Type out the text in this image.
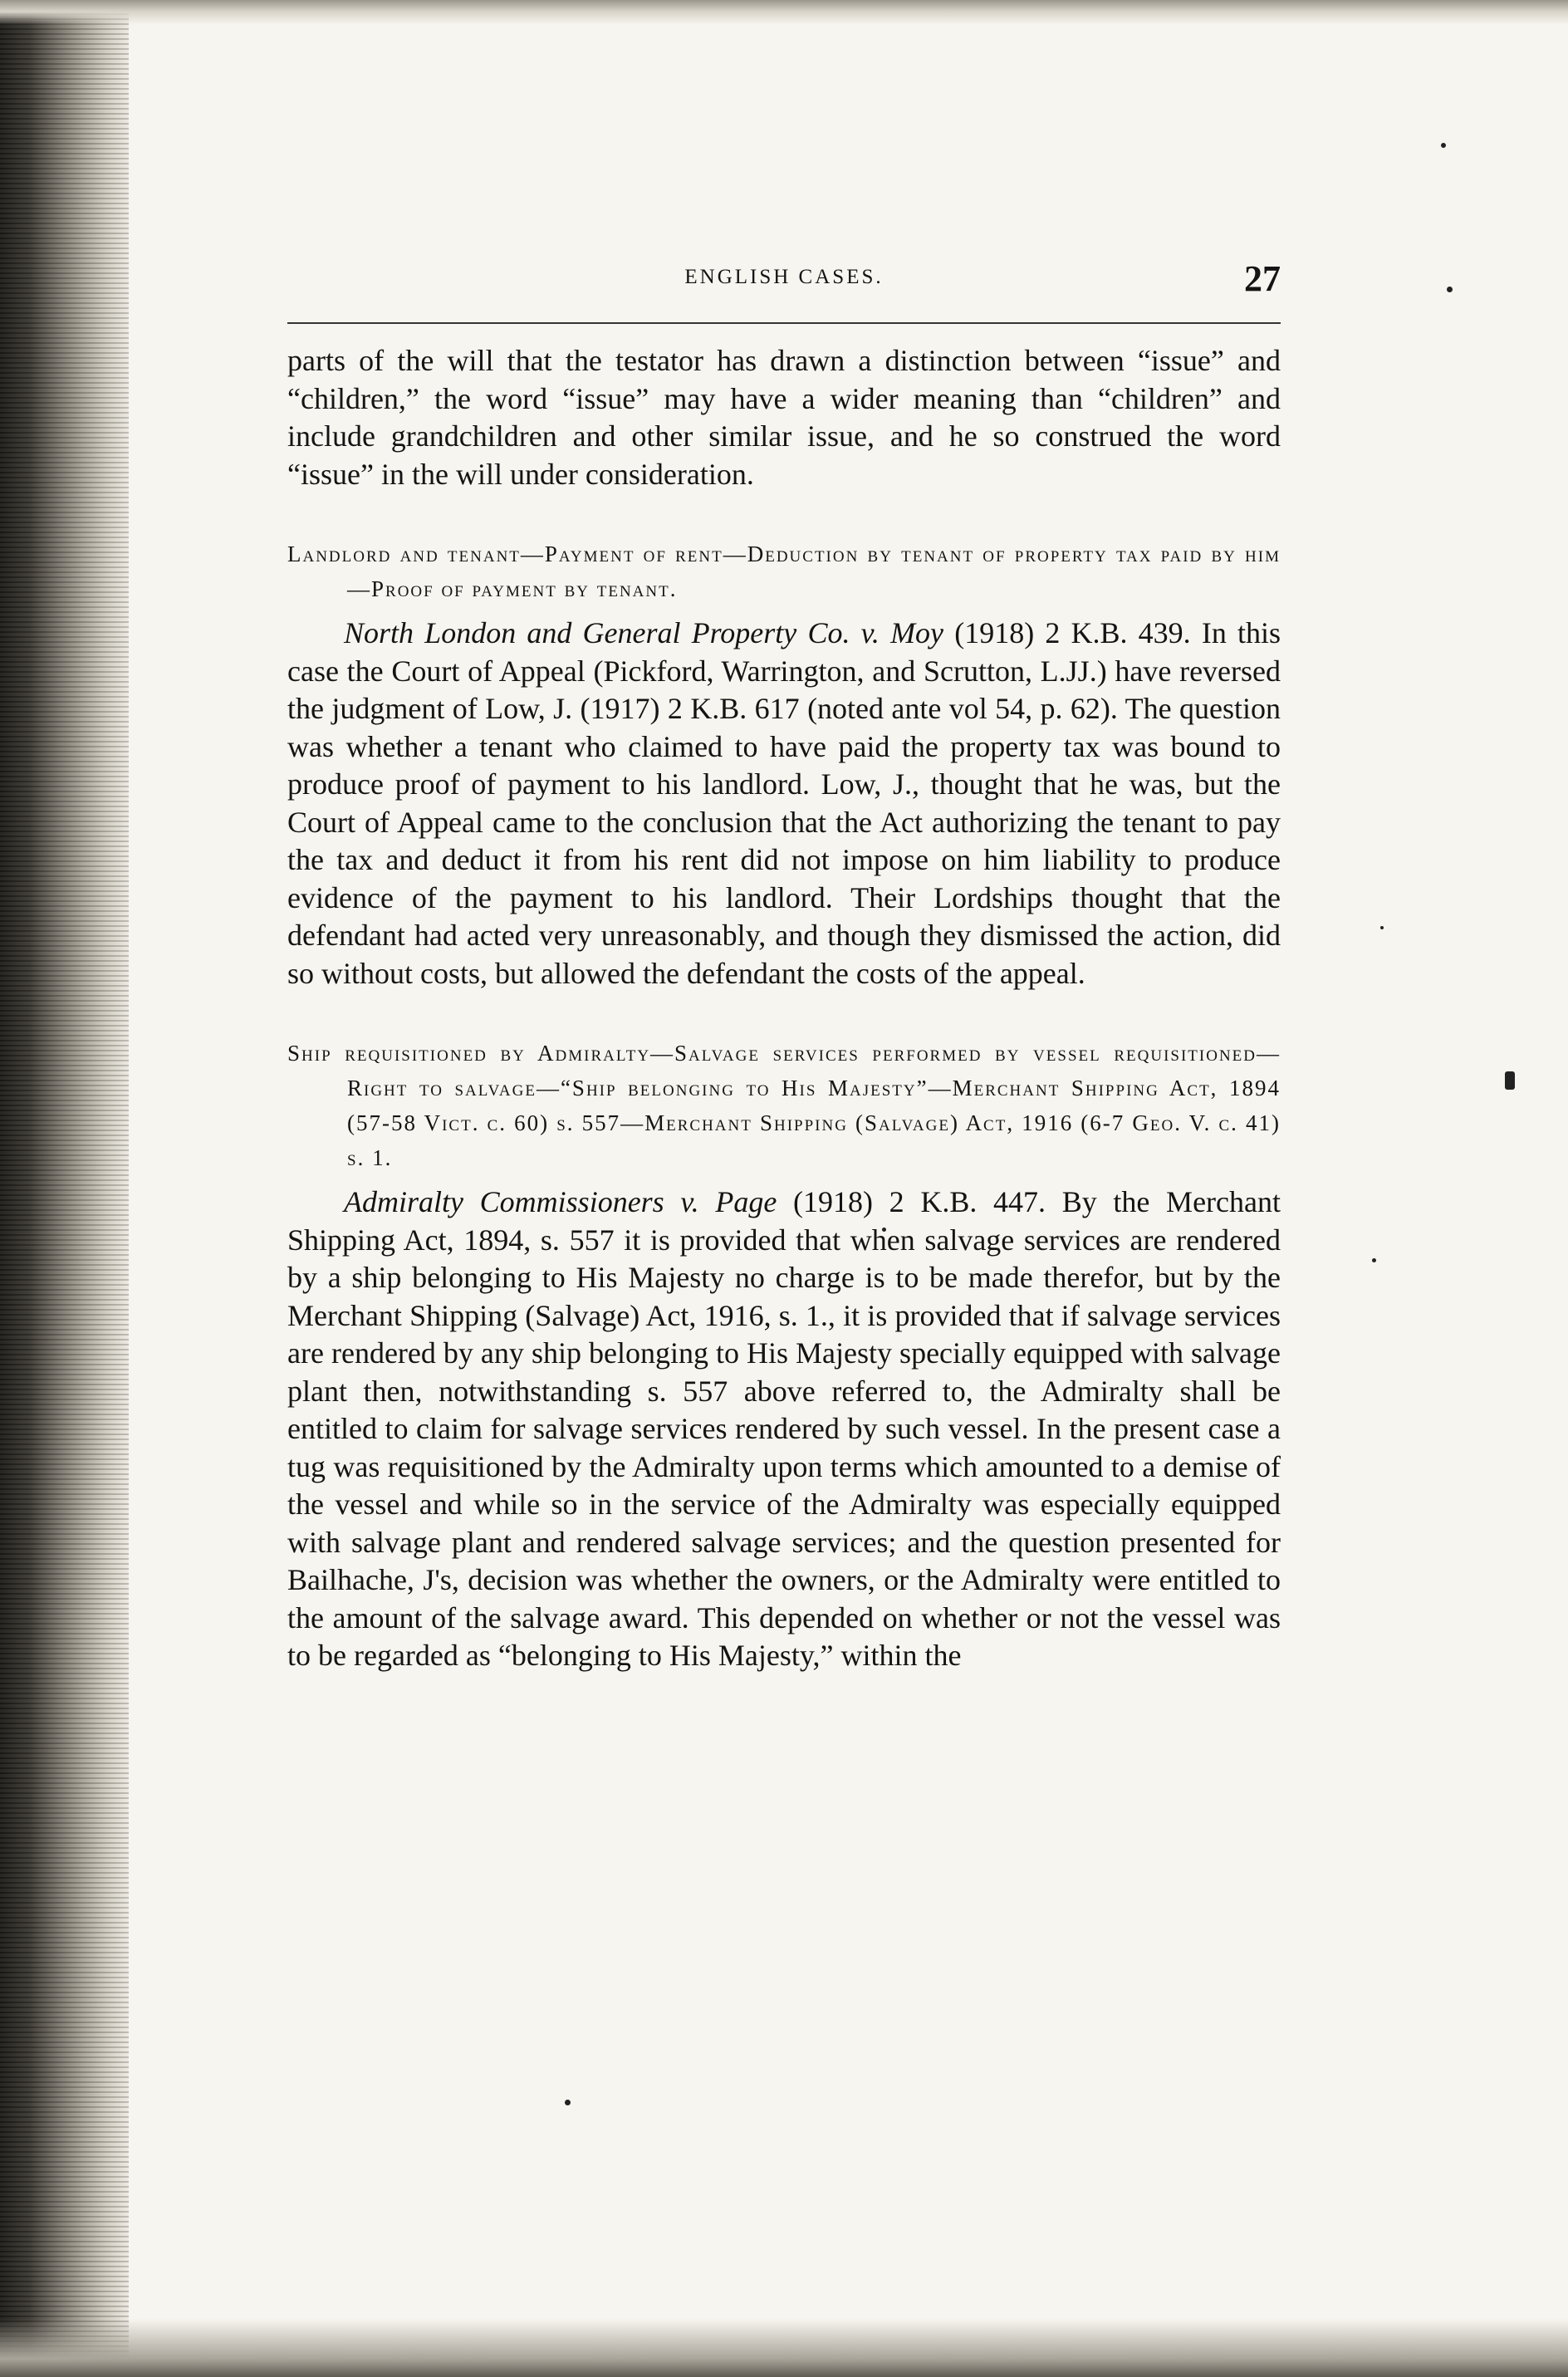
ENGLISH CASES.	27

parts of the will that the testator has drawn a distinction between “issue” and “children,” the word “issue” may have a wider meaning than “children” and include grandchildren and other similar issue, and he so construed the word “issue” in the will under consideration.

Landlord and tenant—Payment of rent—Deduction by tenant of property tax paid by him—Proof of payment by tenant.

North London and General Property Co. v. Moy (1918) 2 K.B. 439. In this case the Court of Appeal (Pickford, Warrington, and Scrutton, L.JJ.) have reversed the judgment of Low, J. (1917) 2 K.B. 617 (noted ante vol 54, p. 62). The question was whether a tenant who claimed to have paid the property tax was bound to produce proof of payment to his landlord. Low, J., thought that he was, but the Court of Appeal came to the conclusion that the Act authorizing the tenant to pay the tax and deduct it from his rent did not impose on him liability to produce evidence of the payment to his landlord. Their Lordships thought that the defendant had acted very unreasonably, and though they dismissed the action, did so without costs, but allowed the defendant the costs of the appeal.

Ship requisitioned by Admiralty—Salvage services performed by vessel requisitioned—Right to salvage—“Ship belonging to His Majesty”—Merchant Shipping Act, 1894 (57-58 Vict. c. 60) s. 557—Merchant Shipping (Salvage) Act, 1916 (6-7 Geo. V. c. 41) s. 1.

Admiralty Commissioners v. Page (1918) 2 K.B. 447. By the Merchant Shipping Act, 1894, s. 557 it is provided that when salvage services are rendered by a ship belonging to His Majesty no charge is to be made therefor, but by the Merchant Shipping (Salvage) Act, 1916, s. 1., it is provided that if salvage services are rendered by any ship belonging to His Majesty specially equipped with salvage plant then, notwithstanding s. 557 above referred to, the Admiralty shall be entitled to claim for salvage services rendered by such vessel. In the present case a tug was requisitioned by the Admiralty upon terms which amounted to a demise of the vessel and while so in the service of the Admiralty was especially equipped with salvage plant and rendered salvage services; and the question presented for Bailhache, J's, decision was whether the owners, or the Admiralty were entitled to the amount of the salvage award. This depended on whether or not the vessel was to be regarded as “belonging to His Majesty,” within the
